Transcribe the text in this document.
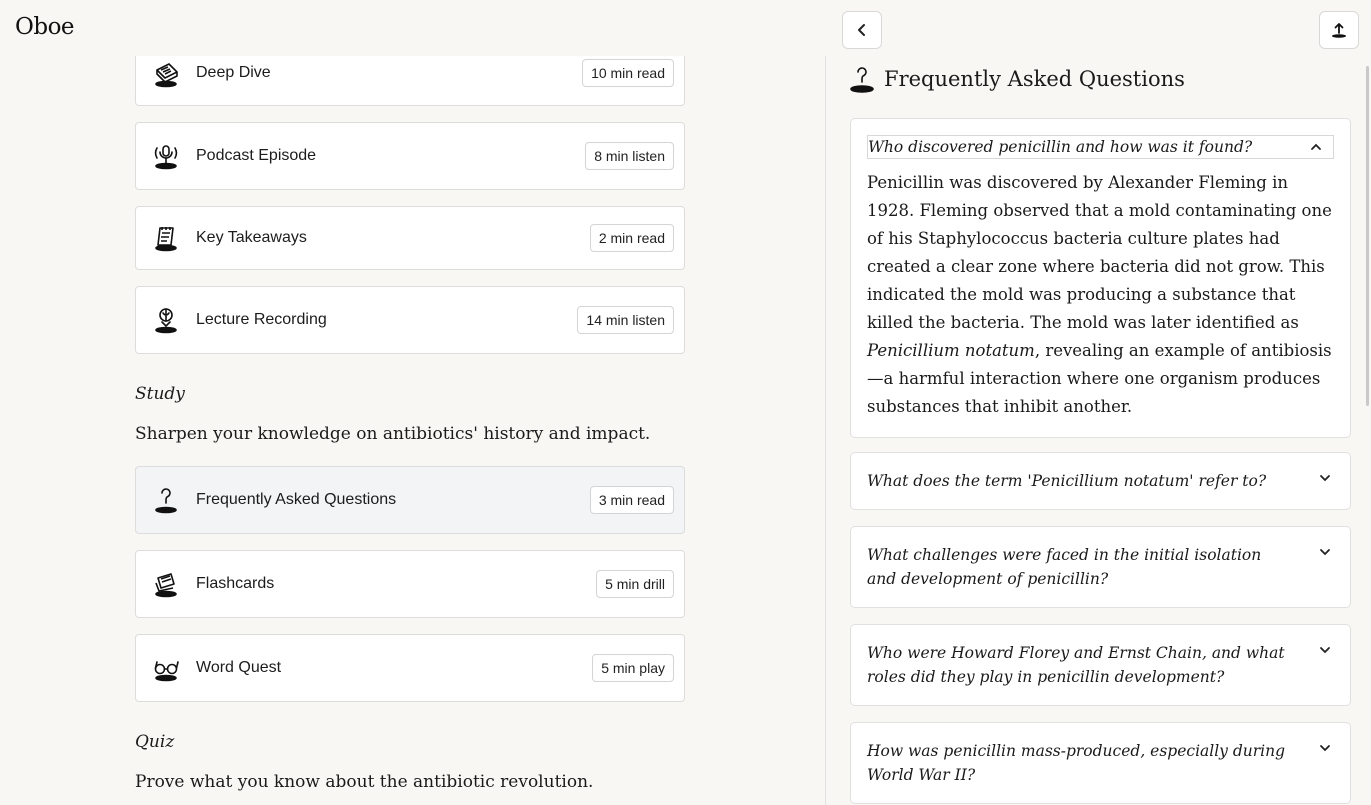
Oboe
Deep Dive	10 min read
Podcast Episode	8 min listen
Key Takeaways	2 min read
Lecture Recording	14 min listen
Study
Sharpen your knowledge on antibiotics' history and impact.
Frequently Asked Questions	3 min read
Flashcards	5 min drill
Word Quest	5 min play
Quiz
Prove what you know about the antibiotic revolution.
Frequently Asked Questions
Who discovered penicillin and how was it found?
Penicillin was discovered by Alexander Fleming in 1928. Fleming observed that a mold contaminating one of his Staphylococcus bacteria culture plates had created a clear zone where bacteria did not grow. This indicated the mold was producing a substance that killed the bacteria. The mold was later identified as Penicillium notatum, revealing an example of antibiosis—a harmful interaction where one organism produces substances that inhibit another.
What does the term 'Penicillium notatum' refer to?
What challenges were faced in the initial isolation and development of penicillin?
Who were Howard Florey and Ernst Chain, and what roles did they play in penicillin development?
How was penicillin mass-produced, especially during World War II?
